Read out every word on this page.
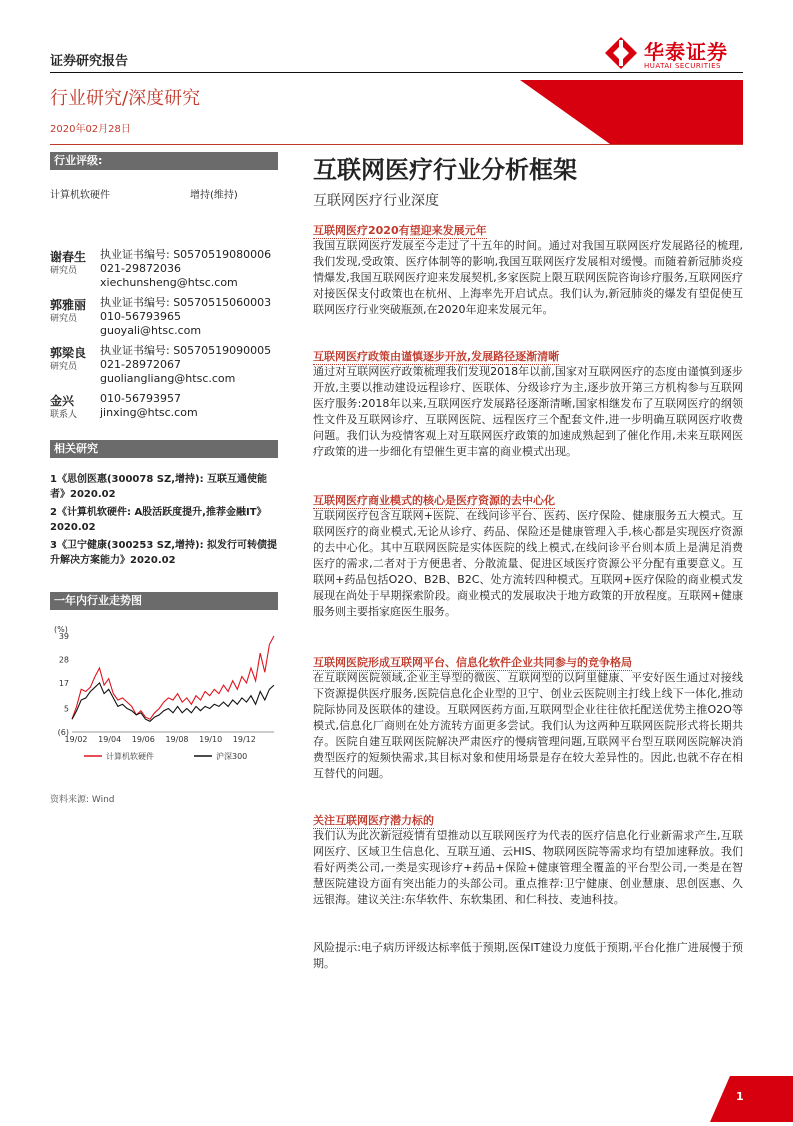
证券研究报告	华泰证券
HUATAI SECURITIES
行业研究/深度研究
2020年02月28日
行业评级:
计算机软硬件	增持(维持)
谢春生
研究员
执业证书编号: S0570519080006
021-29872036
xiechunsheng@htsc.com
郭雅丽
研究员
执业证书编号: S0570515060003
010-56793965
guoyali@htsc.com
郭梁良
研究员
执业证书编号: S0570519090005
021-28972067
guoliangliang@htsc.com
金兴
联系人
010-56793957
jinxing@htsc.com
相关研究
1《思创医惠(300078 SZ,增持): 互联互通使能者》2020.02
2《计算机软硬件: A股活跃度提升,推荐金融IT》2020.02
3《卫宁健康(300253 SZ,增持): 拟发行可转债提升解决方案能力》2020.02
一年内行业走势图
(%)
39
28
17
5
(6)
19/02 19/04 19/06 19/08 19/10 19/12
计算机软硬件	沪深300
资料来源: Wind
互联网医疗行业分析框架
互联网医疗行业深度
互联网医疗2020有望迎来发展元年

我国互联网医疗发展至今走过了十五年的时间。通过对我国互联网医疗发展路径的梳理,我们发现,受政策、医疗体制等的影响,我国互联网医疗发展相对缓慢。而随着新冠肺炎疫情爆发,我国互联网医疗迎来发展契机,多家医院上限互联网医院咨询诊疗服务,互联网医疗对接医保支付政策也在杭州、上海率先开启试点。我们认为,新冠肺炎的爆发有望促使互联网医疗行业突破瓶颈,在2020年迎来发展元年。

互联网医疗政策由谨慎逐步开放,发展路径逐渐清晰

通过对互联网医疗政策梳理我们发现2018年以前,国家对互联网医疗的态度由谨慎到逐步开放,主要以推动建设远程诊疗、医联体、分级诊疗为主,逐步放开第三方机构参与互联网医疗服务:2018年以来,互联网医疗发展路径逐渐清晰,国家相继发布了互联网医疗的纲领性文件及互联网诊疗、互联网医院、远程医疗三个配套文件,进一步明确互联网医疗收费问题。我们认为疫情客观上对互联网医疗政策的加速成熟起到了催化作用,未来互联网医疗政策的进一步细化有望催生更丰富的商业模式出现。

互联网医疗商业模式的核心是医疗资源的去中心化

互联网医疗包含互联网+医院、在线问诊平台、医药、医疗保险、健康服务五大模式。互联网医疗的商业模式,无论从诊疗、药品、保险还是健康管理入手,核心都是实现医疗资源的去中心化。其中互联网医院是实体医院的线上模式,在线问诊平台则本质上是满足消费医疗的需求,二者对于方便患者、分散流量、促进区域医疗资源公平分配有重要意义。互联网+药品包括O2O、B2B、B2C、处方流转四种模式。互联网+医疗保险的商业模式发展现在尚处于早期探索阶段。商业模式的发展取决于地方政策的开放程度。互联网+健康服务则主要指家庭医生服务。

互联网医院形成互联网平台、信息化软件企业共同参与的竞争格局

在互联网医院领域,企业主导型的微医、互联网型的以阿里健康、平安好医生通过对接线下资源提供医疗服务,医院信息化企业型的卫宁、创业云医院则主打线上线下一体化,推动院际协同及医联体的建设。互联网医药方面,互联网型企业往往依托配送优势主推O2O等模式,信息化厂商则在处方流转方面更多尝试。我们认为这两种互联网医院形式将长期共存。医院自建互联网医院解决严肃医疗的慢病管理问题,互联网平台型互联网医院解决消费型医疗的短频快需求,其目标对象和使用场景是存在较大差异性的。因此,也就不存在相互替代的问题。

关注互联网医疗潜力标的

我们认为此次新冠疫情有望推动以互联网医疗为代表的医疗信息化行业新需求产生,互联网医疗、区域卫生信息化、互联互通、云HIS、物联网医院等需求均有望加速释放。我们看好两类公司,一类是实现诊疗+药品+保险+健康管理全覆盖的平台型公司,一类是在智慧医院建设方面有突出能力的头部公司。重点推荐:卫宁健康、创业慧康、思创医惠、久远银海。建议关注:东华软件、东软集团、和仁科技、麦迪科技。

风险提示:电子病历评级达标率低于预期,医保IT建设力度低于预期,平台化推广进展慢于预期。

1
